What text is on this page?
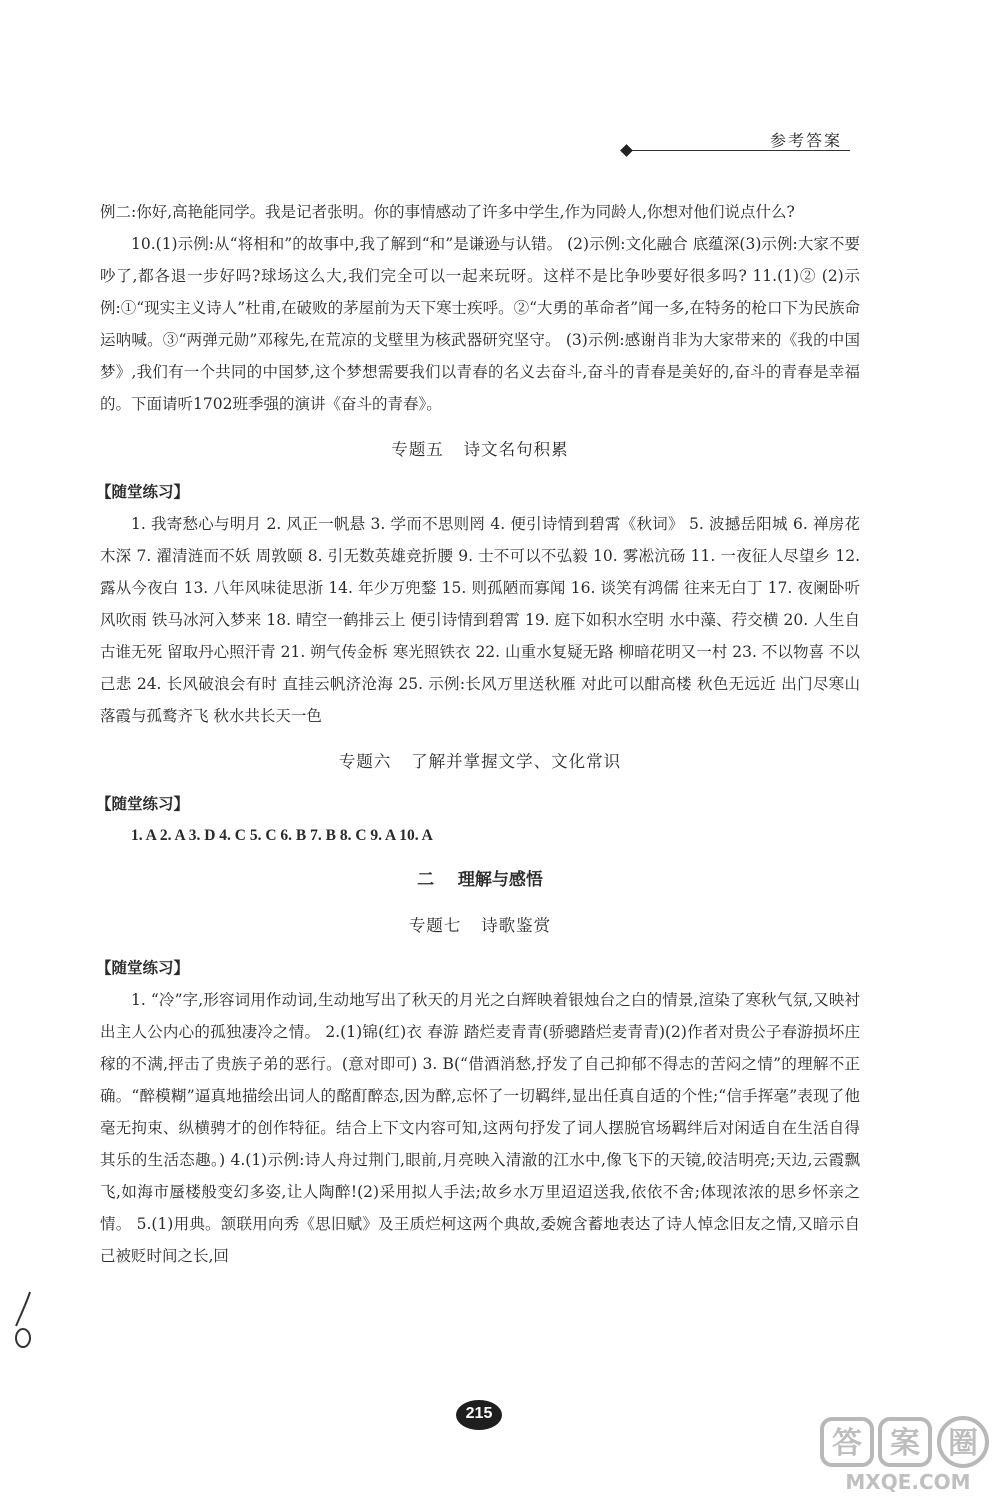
参考答案

例二:你好,高艳能同学。我是记者张明。你的事情感动了许多中学生,作为同龄人,你想对他们说点什么?

10.(1)示例:从“将相和”的故事中,我了解到“和”是谦逊与认错。 (2)示例:文化融合 底蕴深(3)示例:大家不要吵了,都各退一步好吗?球场这么大,我们完全可以一起来玩呀。这样不是比争吵要好很多吗? 11.(1)② (2)示例:①“现实主义诗人”杜甫,在破败的茅屋前为天下寒士疾呼。②“大勇的革命者”闻一多,在特务的枪口下为民族命运呐喊。③“两弹元勋”邓稼先,在荒凉的戈壁里为核武器研究坚守。 (3)示例:感谢肖非为大家带来的《我的中国梦》,我们有一个共同的中国梦,这个梦想需要我们以青春的名义去奋斗,奋斗的青春是美好的,奋斗的青春是幸福的。下面请听1702班季强的演讲《奋斗的青春》。

专题五 诗文名句积累

【随堂练习】

1. 我寄愁心与明月 2. 风正一帆悬 3. 学而不思则罔 4. 便引诗情到碧霄《秋词》 5. 波撼岳阳城 6. 禅房花木深 7. 濯清涟而不妖 周敦颐 8. 引无数英雄竞折腰 9. 士不可以不弘毅 10. 雾凇沆砀 11. 一夜征人尽望乡 12. 露从今夜白 13. 八年风味徒思浙 14. 年少万兜鍪 15. 则孤陋而寡闻 16. 谈笑有鸿儒 往来无白丁 17. 夜阑卧听风吹雨 铁马冰河入梦来 18. 晴空一鹤排云上 便引诗情到碧霄 19. 庭下如积水空明 水中藻、荇交横 20. 人生自古谁无死 留取丹心照汗青 21. 朔气传金柝 寒光照铁衣 22. 山重水复疑无路 柳暗花明又一村 23. 不以物喜 不以己悲 24. 长风破浪会有时 直挂云帆济沧海 25. 示例:长风万里送秋雁 对此可以酣高楼 秋色无远近 出门尽寒山 落霞与孤鹜齐飞 秋水共长天一色

专题六 了解并掌握文学、文化常识

【随堂练习】

1. A 2. A 3. D 4. C 5. C 6. B 7. B 8. C 9. A 10. A

二 理解与感悟

专题七 诗歌鉴赏

【随堂练习】

1. “冷”字,形容词用作动词,生动地写出了秋天的月光之白辉映着银烛台之白的情景,渲染了寒秋气氛,又映衬出主人公内心的孤独凄冷之情。 2.(1)锦(红)衣 春游 踏烂麦青青(骄骢踏烂麦青青)(2)作者对贵公子春游损坏庄稼的不满,抨击了贵族子弟的恶行。(意对即可) 3. B(“借酒消愁,抒发了自己抑郁不得志的苦闷之情”的理解不正确。“醉模糊”逼真地描绘出词人的酩酊醉态,因为醉,忘怀了一切羁绊,显出任真自适的个性;“信手挥毫”表现了他毫无拘束、纵横骋才的创作特征。结合上下文内容可知,这两句抒发了词人摆脱官场羁绊后对闲适自在生活自得其乐的生活态趣。) 4.(1)示例:诗人舟过荆门,眼前,月亮映入清澈的江水中,像飞下的天镜,皎洁明亮;天边,云霞飘飞,如海市蜃楼般变幻多姿,让人陶醉!(2)采用拟人手法;故乡水万里迢迢送我,依依不舍;体现浓浓的思乡怀亲之情。 5.(1)用典。颔联用向秀《思旧赋》及王质烂柯这两个典故,委婉含蓄地表达了诗人悼念旧友之情,又暗示自己被贬时间之长,回

215
答 案 圈
MXQE.COM
